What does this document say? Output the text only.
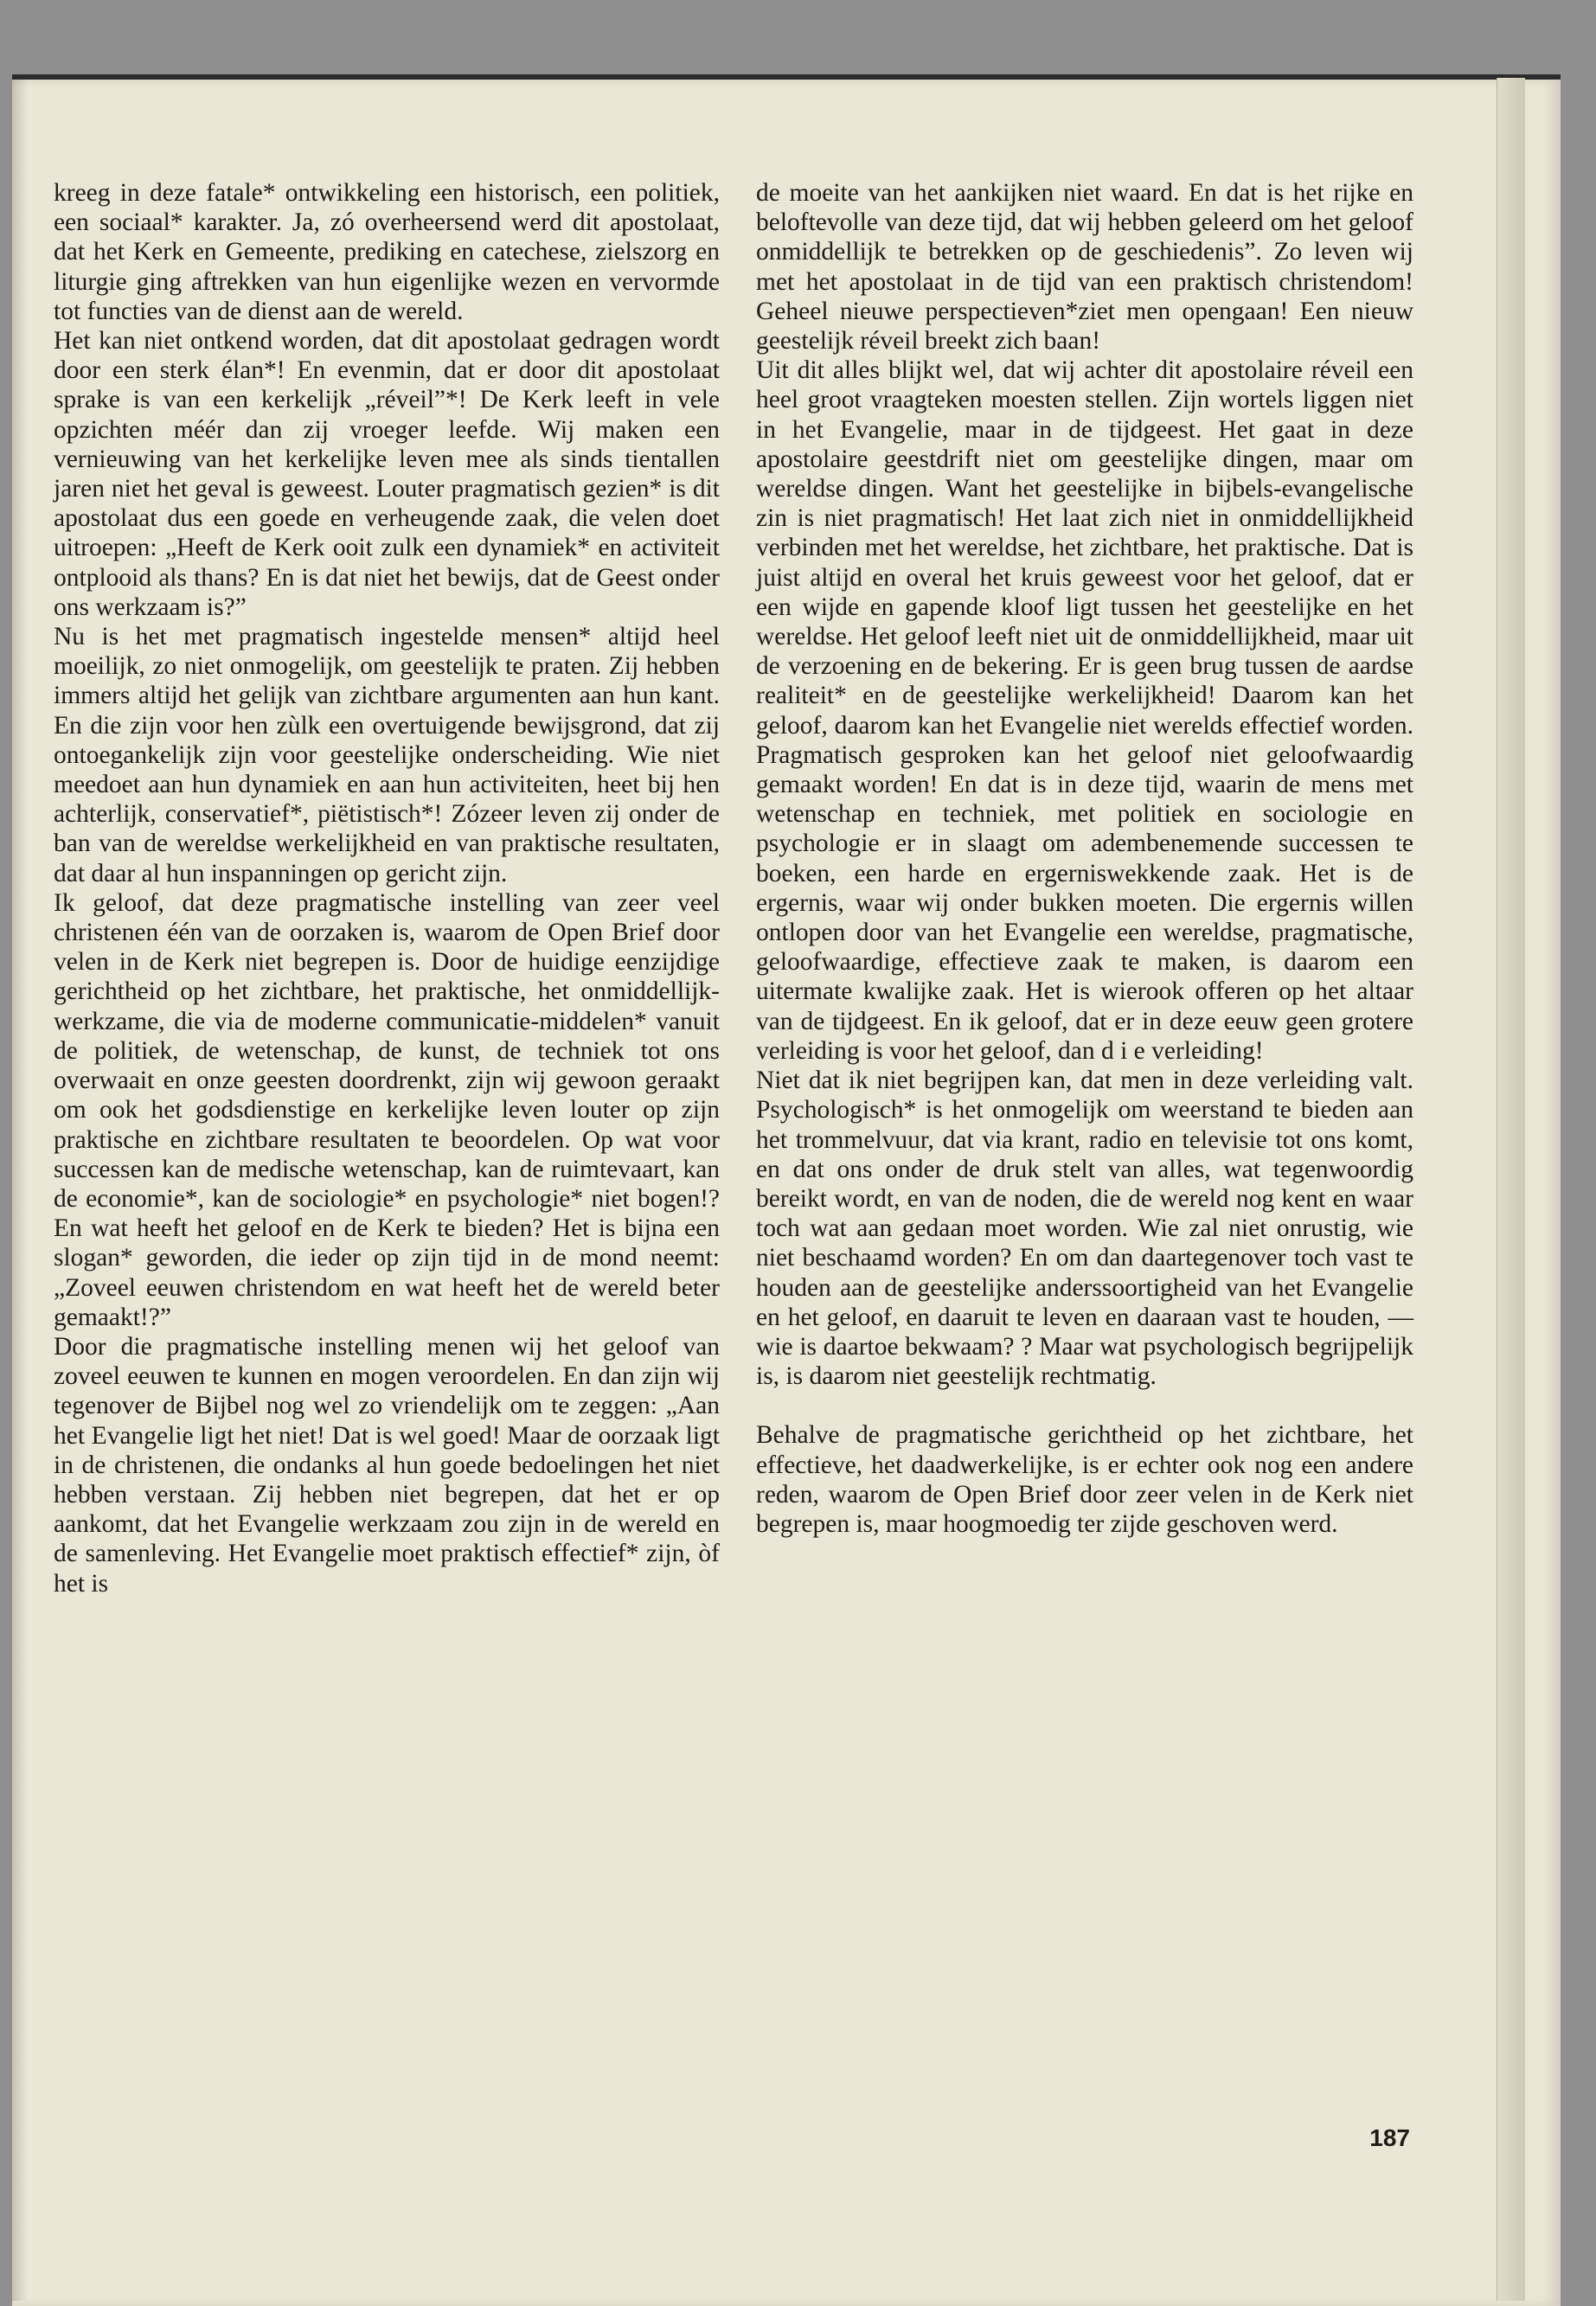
kreeg in deze fatale* ontwikkeling een historisch, een politiek, een sociaal* karakter. Ja, zó overheersend werd dit apostolaat, dat het Kerk en Gemeente, prediking en catechese, zielszorg en liturgie ging aftrekken van hun eigenlijke wezen en vervormde tot functies van de dienst aan de wereld.

Het kan niet ontkend worden, dat dit apostolaat gedragen wordt door een sterk élan*! En evenmin, dat er door dit apostolaat sprake is van een kerkelijk „réveil”*! De Kerk leeft in vele opzichten méér dan zij vroeger leefde. Wij maken een vernieuwing van het kerkelijke leven mee als sinds tientallen jaren niet het geval is geweest. Louter pragmatisch gezien* is dit apostolaat dus een goede en verheugende zaak, die velen doet uitroepen: „Heeft de Kerk ooit zulk een dynamiek* en activiteit ontplooid als thans? En is dat niet het bewijs, dat de Geest onder ons werkzaam is?”

Nu is het met pragmatisch ingestelde mensen* altijd heel moeilijk, zo niet onmogelijk, om geestelijk te praten. Zij hebben immers altijd het gelijk van zichtbare argumenten aan hun kant. En die zijn voor hen zùlk een overtuigende bewijsgrond, dat zij ontoegankelijk zijn voor geestelijke onderscheiding. Wie niet meedoet aan hun dynamiek en aan hun activiteiten, heet bij hen achterlijk, conservatief*, piëtistisch*! Zózeer leven zij onder de ban van de wereldse werkelijkheid en van praktische resultaten, dat daar al hun inspanningen op gericht zijn.

Ik geloof, dat deze pragmatische instelling van zeer veel christenen één van de oorzaken is, waarom de Open Brief door velen in de Kerk niet begrepen is. Door de huidige eenzijdige gerichtheid op het zichtbare, het praktische, het onmiddellijk-werkzame, die via de moderne communicatie-middelen* vanuit de politiek, de wetenschap, de kunst, de techniek tot ons overwaait en onze geesten doordrenkt, zijn wij gewoon geraakt om ook het godsdienstige en kerkelijke leven louter op zijn praktische en zichtbare resultaten te beoordelen. Op wat voor successen kan de medische wetenschap, kan de ruimtevaart, kan de economie*, kan de sociologie* en psychologie* niet bogen!? En wat heeft het geloof en de Kerk te bieden? Het is bijna een slogan* geworden, die ieder op zijn tijd in de mond neemt: „Zoveel eeuwen christendom en wat heeft het de wereld beter gemaakt!?”

Door die pragmatische instelling menen wij het geloof van zoveel eeuwen te kunnen en mogen veroordelen. En dan zijn wij tegenover de Bijbel nog wel zo vriendelijk om te zeggen: „Aan het Evangelie ligt het niet! Dat is wel goed! Maar de oorzaak ligt in de christenen, die ondanks al hun goede bedoelingen het niet hebben verstaan. Zij hebben niet begrepen, dat het er op aankomt, dat het Evangelie werkzaam zou zijn in de wereld en de samenleving. Het Evangelie moet praktisch effectief* zijn, òf het is

de moeite van het aankijken niet waard. En dat is het rijke en beloftevolle van deze tijd, dat wij hebben geleerd om het geloof onmiddellijk te betrekken op de geschiedenis”. Zo leven wij met het apostolaat in de tijd van een praktisch christendom! Geheel nieuwe perspectieven*ziet men opengaan! Een nieuw geestelijk réveil breekt zich baan!

Uit dit alles blijkt wel, dat wij achter dit apostolaire réveil een heel groot vraagteken moesten stellen. Zijn wortels liggen niet in het Evangelie, maar in de tijdgeest. Het gaat in deze apostolaire geestdrift niet om geestelijke dingen, maar om wereldse dingen. Want het geestelijke in bijbels-evangelische zin is niet pragmatisch! Het laat zich niet in onmiddellijkheid verbinden met het wereldse, het zichtbare, het praktische. Dat is juist altijd en overal het kruis geweest voor het geloof, dat er een wijde en gapende kloof ligt tussen het geestelijke en het wereldse. Het geloof leeft niet uit de onmiddellijkheid, maar uit de verzoening en de bekering. Er is geen brug tussen de aardse realiteit* en de geestelijke werkelijkheid! Daarom kan het geloof, daarom kan het Evangelie niet werelds effectief worden. Pragmatisch gesproken kan het geloof niet geloofwaardig gemaakt worden! En dat is in deze tijd, waarin de mens met wetenschap en techniek, met politiek en sociologie en psychologie er in slaagt om adembenemende successen te boeken, een harde en ergerniswekkende zaak. Het is de ergernis, waar wij onder bukken moeten. Die ergernis willen ontlopen door van het Evangelie een wereldse, pragmatische, geloofwaardige, effectieve zaak te maken, is daarom een uitermate kwalijke zaak. Het is wierook offeren op het altaar van de tijdgeest. En ik geloof, dat er in deze eeuw geen grotere verleiding is voor het geloof, dan d i e verleiding!

Niet dat ik niet begrijpen kan, dat men in deze verleiding valt. Psychologisch* is het onmogelijk om weerstand te bieden aan het trommelvuur, dat via krant, radio en televisie tot ons komt, en dat ons onder de druk stelt van alles, wat tegenwoordig bereikt wordt, en van de noden, die de wereld nog kent en waar toch wat aan gedaan moet worden. Wie zal niet onrustig, wie niet beschaamd worden? En om dan daartegenover toch vast te houden aan de geestelijke anderssoortigheid van het Evangelie en het geloof, en daaruit te leven en daaraan vast te houden, — wie is daartoe bekwaam? ? Maar wat psychologisch begrijpelijk is, is daarom niet geestelijk rechtmatig.

Behalve de pragmatische gerichtheid op het zichtbare, het effectieve, het daadwerkelijke, is er echter ook nog een andere reden, waarom de Open Brief door zeer velen in de Kerk niet begrepen is, maar hoogmoedig ter zijde geschoven werd.

187
